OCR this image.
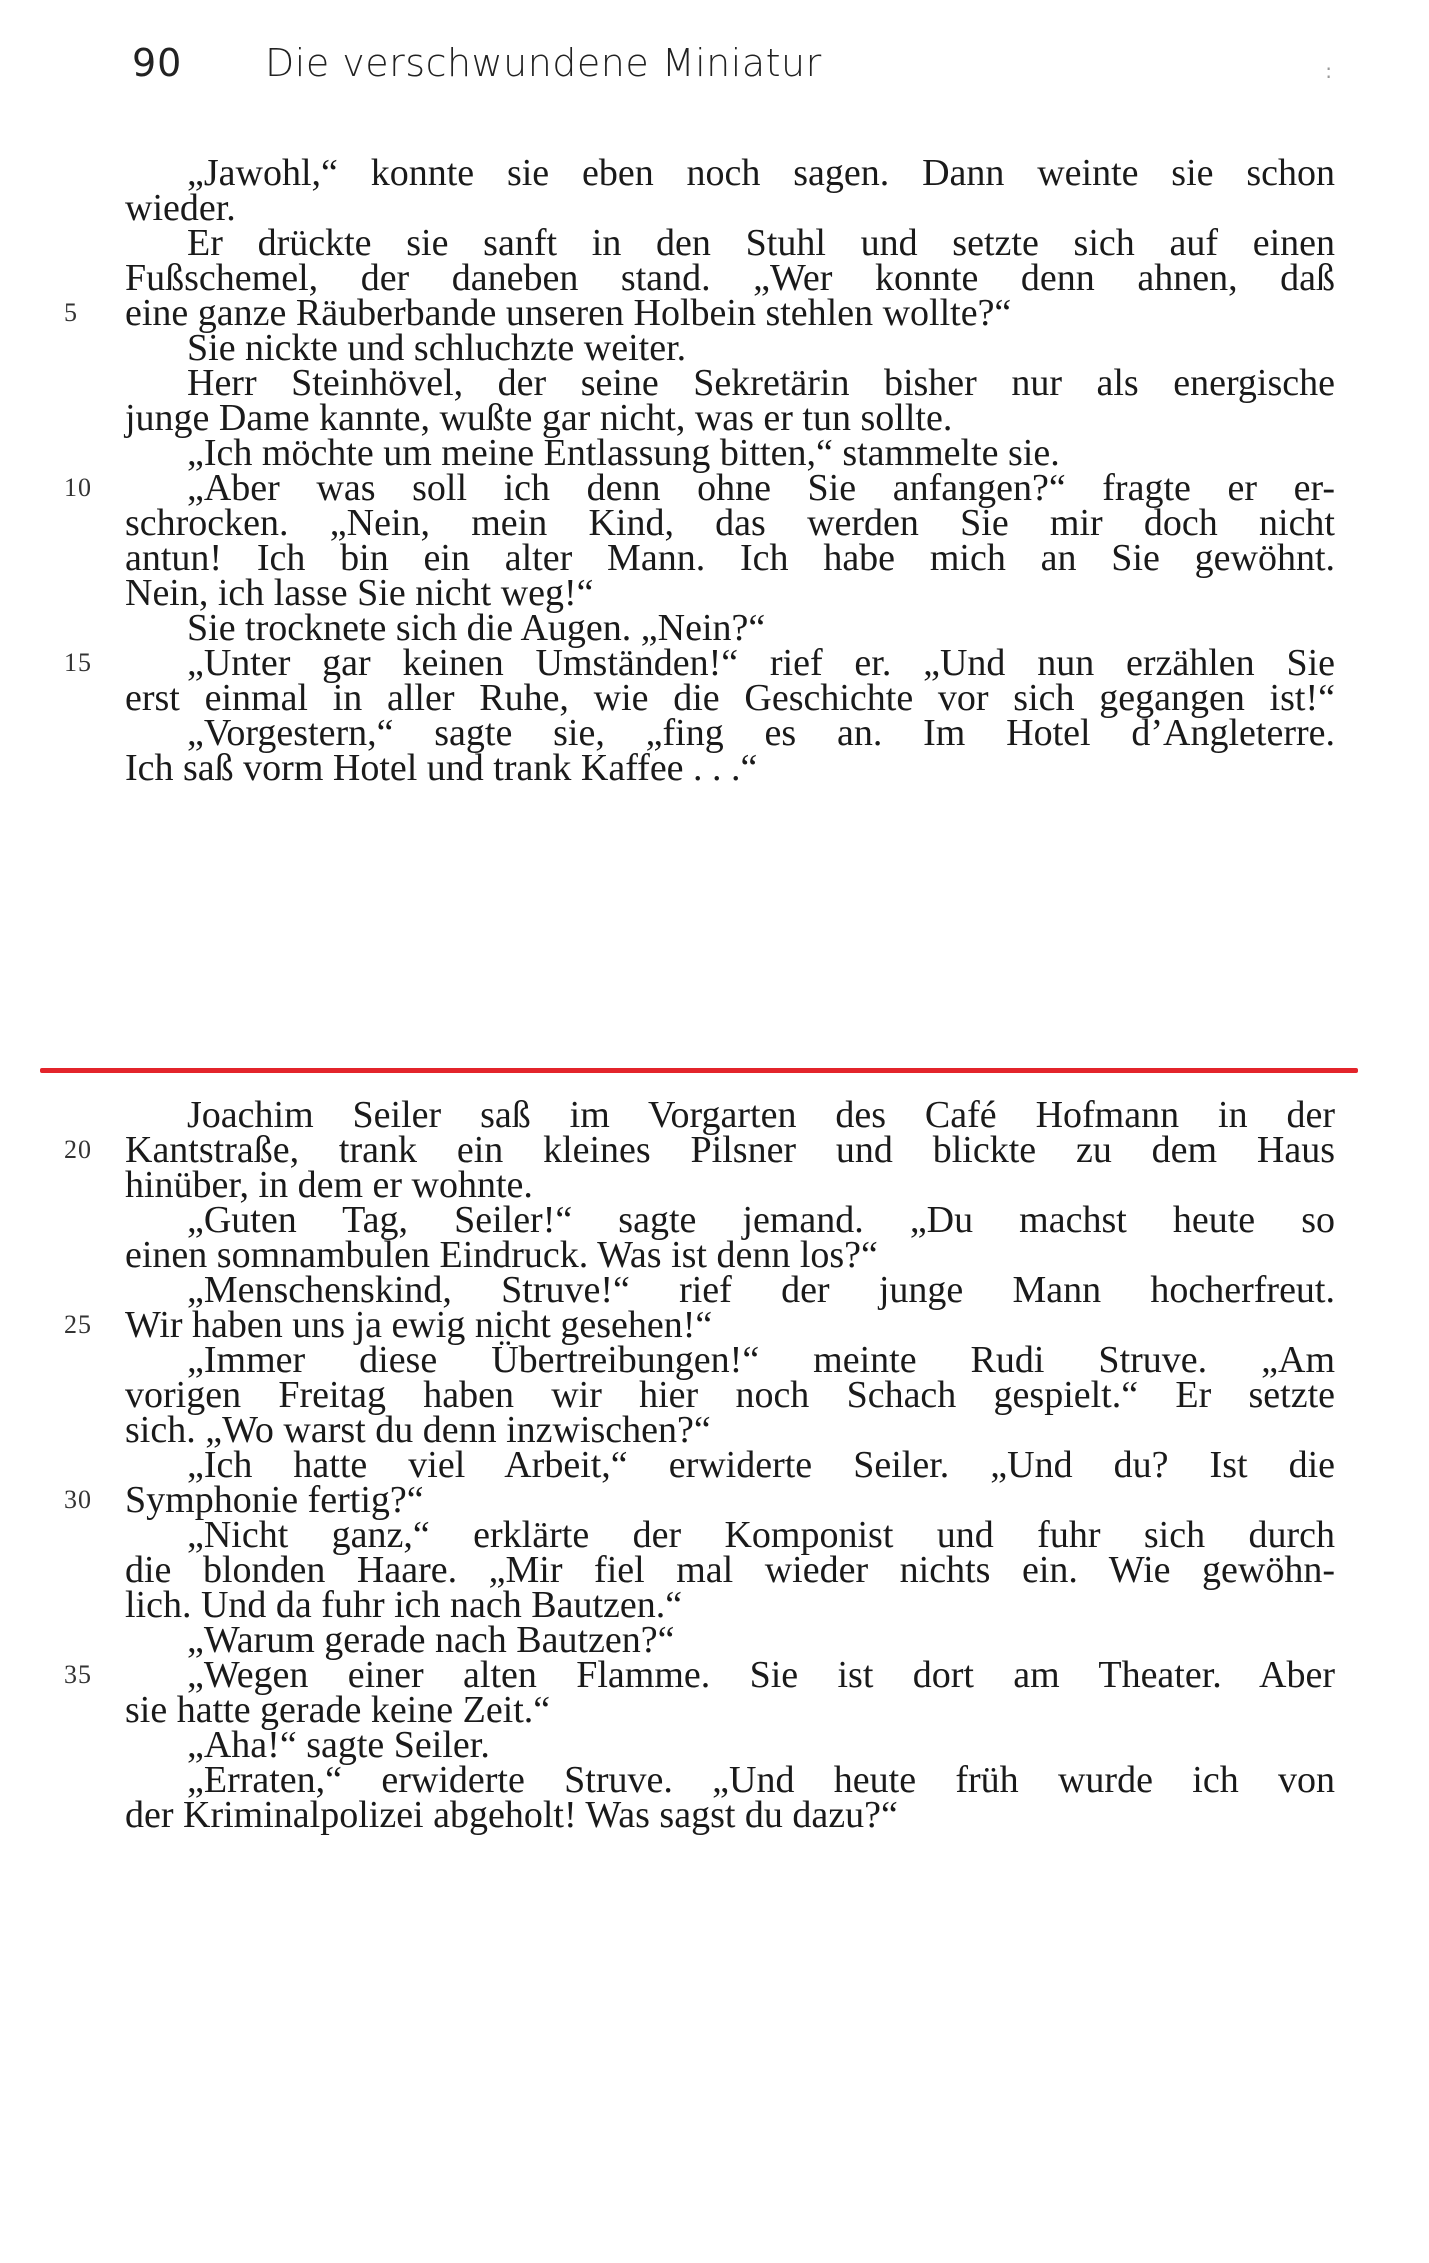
90 Die verschwundene Miniatur	:
„Jawohl,“ konnte sie eben noch sagen. Dann weinte sie schon
wieder.
Er drückte sie sanft in den Stuhl und setzte sich auf einen
Fußschemel, der daneben stand. „Wer konnte denn ahnen, daß
eine ganze Räuberbande unseren Holbein stehlen wollte?“
5
Sie nickte und schluchzte weiter.
Herr Steinhövel, der seine Sekretärin bisher nur als energische
junge Dame kannte, wußte gar nicht, was er tun sollte.
„Ich möchte um meine Entlassung bitten,“ stammelte sie.
„Aber was soll ich denn ohne Sie anfangen?“ fragte er er-
10
schrocken. „Nein, mein Kind, das werden Sie mir doch nicht
antun! Ich bin ein alter Mann. Ich habe mich an Sie gewöhnt.
Nein, ich lasse Sie nicht weg!“
Sie trocknete sich die Augen. „Nein?“
„Unter gar keinen Umständen!“ rief er. „Und nun erzählen Sie
15
erst einmal in aller Ruhe, wie die Geschichte vor sich gegangen ist!“
„Vorgestern,“ sagte sie, „fing es an. Im Hotel d’Angleterre.
Ich saß vorm Hotel und trank Kaffee . . .“
Joachim Seiler saß im Vorgarten des Café Hofmann in der
Kantstraße, trank ein kleines Pilsner und blickte zu dem Haus
20
hinüber, in dem er wohnte.
„Guten Tag, Seiler!“ sagte jemand. „Du machst heute so
einen somnambulen Eindruck. Was ist denn los?“
„Menschenskind, Struve!“ rief der junge Mann hocherfreut.
Wir haben uns ja ewig nicht gesehen!“
25
„Immer diese Übertreibungen!“ meinte Rudi Struve. „Am
vorigen Freitag haben wir hier noch Schach gespielt.“ Er setzte
sich. „Wo warst du denn inzwischen?“
„Ich hatte viel Arbeit,“ erwiderte Seiler. „Und du? Ist die
Symphonie fertig?“
30
„Nicht ganz,“ erklärte der Komponist und fuhr sich durch
die blonden Haare. „Mir fiel mal wieder nichts ein. Wie gewöhn-
lich. Und da fuhr ich nach Bautzen.“
„Warum gerade nach Bautzen?“
„Wegen einer alten Flamme. Sie ist dort am Theater. Aber
35
sie hatte gerade keine Zeit.“
„Aha!“ sagte Seiler.
„Erraten,“ erwiderte Struve. „Und heute früh wurde ich von
der Kriminalpolizei abgeholt! Was sagst du dazu?“
